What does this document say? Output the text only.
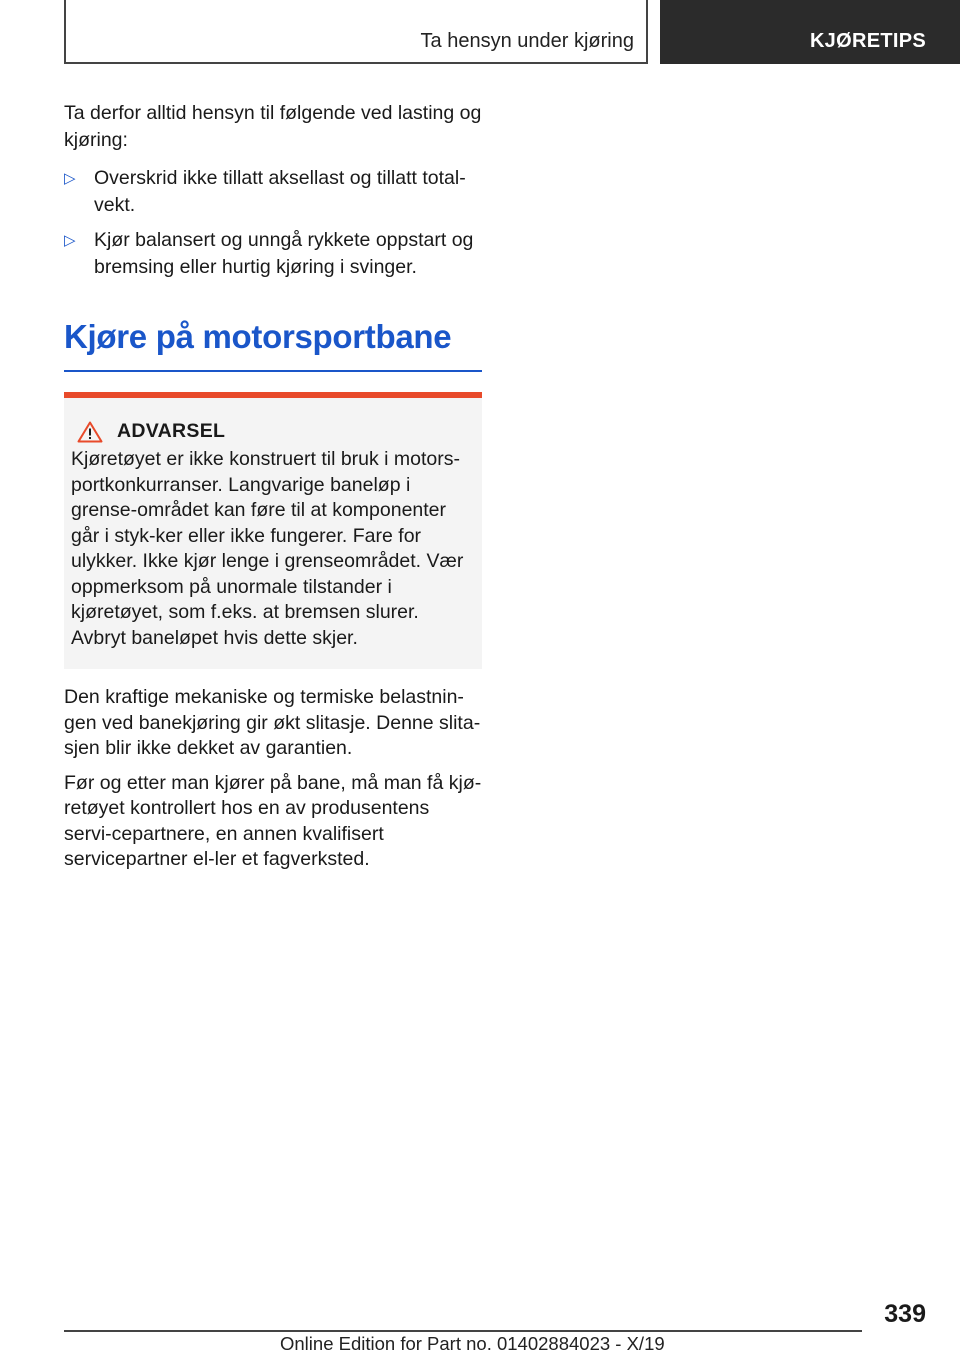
Ta hensyn under kjøring	KJØRETIPS

Ta derfor alltid hensyn til følgende ved lasting og kjøring:

▷ Overskrid ikke tillatt aksellast og tillatt total-vekt.
▷ Kjør balansert og unngå rykkete oppstart og bremsing eller hurtig kjøring i svinger.
Kjøre på motorsportbane
ADVARSEL

Kjøretøyet er ikke konstruert til bruk i motors-portkonkurranser. Langvarige baneløp i grense-området kan føre til at komponenter går i styk-ker eller ikke fungerer. Fare for ulykker. Ikke kjør lenge i grenseområdet. Vær oppmerksom på unormale tilstander i kjøretøyet, som f.eks. at bremsen slurer. Avbryt baneløpet hvis dette skjer.

Den kraftige mekaniske og termiske belastnin-gen ved banekjøring gir økt slitasje. Denne slita-sjen blir ikke dekket av garantien.

Før og etter man kjører på bane, må man få kjø-retøyet kontrollert hos en av produsentens servi-cepartnere, en annen kvalifisert servicepartner el-ler et fagverksted.

339
Online Edition for Part no. 01402884023 - X/19
